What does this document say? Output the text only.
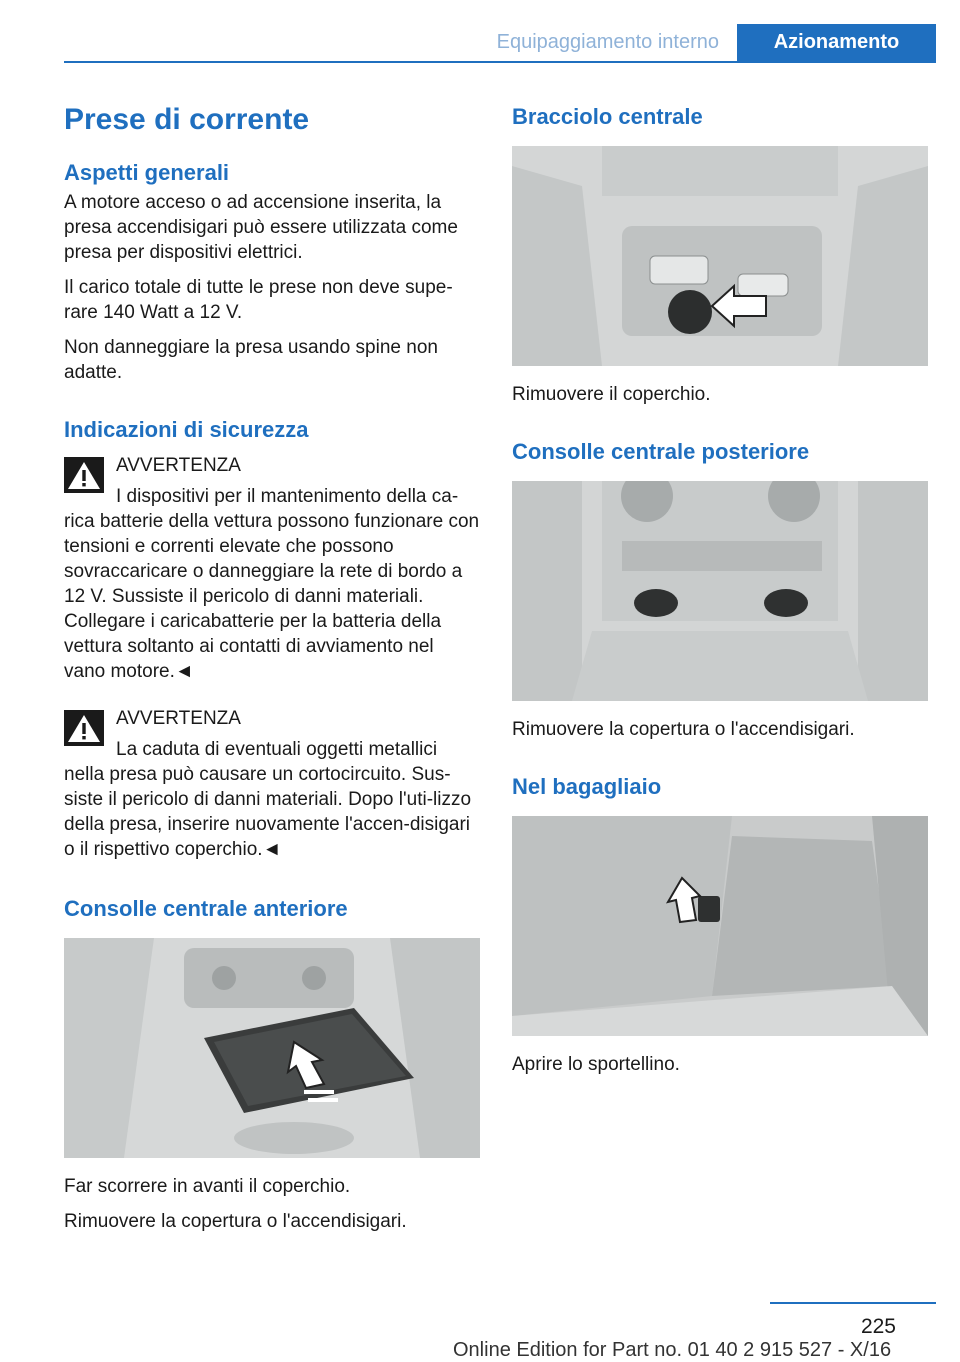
Equipaggiamento interno	Azionamento
Prese di corrente
Aspetti generali

A motore acceso o ad accensione inserita, la presa accendisigari può essere utilizzata come presa per dispositivi elettrici.

Il carico totale di tutte le prese non deve supe‐rare 140 Watt a 12 V.

Non danneggiare la presa usando spine non adatte.

Indicazioni di sicurezza
AVVERTENZA

I dispositivi per il mantenimento della ca‐rica batterie della vettura possono funzionare con tensioni e correnti elevate che possono sovraccaricare o danneggiare la rete di bordo a 12 V. Sussiste il pericolo di danni materiali. Collegare i caricabatterie per la batteria della vettura soltanto ai contatti di avviamento nel vano motore.◄

AVVERTENZA

La caduta di eventuali oggetti metallici nella presa può causare un cortocircuito. Sus‐siste il pericolo di danni materiali. Dopo l'uti‐lizzo della presa, inserire nuovamente l'accen‐disigari o il rispettivo coperchio.◄

Consolle centrale anteriore

Far scorrere in avanti il coperchio.

Rimuovere la copertura o l'accendisigari.

Bracciolo centrale

Rimuovere il coperchio.

Consolle centrale posteriore

Rimuovere la copertura o l'accendisigari.

Nel bagagliaio

Aprire lo sportellino.

225
Online Edition for Part no. 01 40 2 915 527 - X/16
